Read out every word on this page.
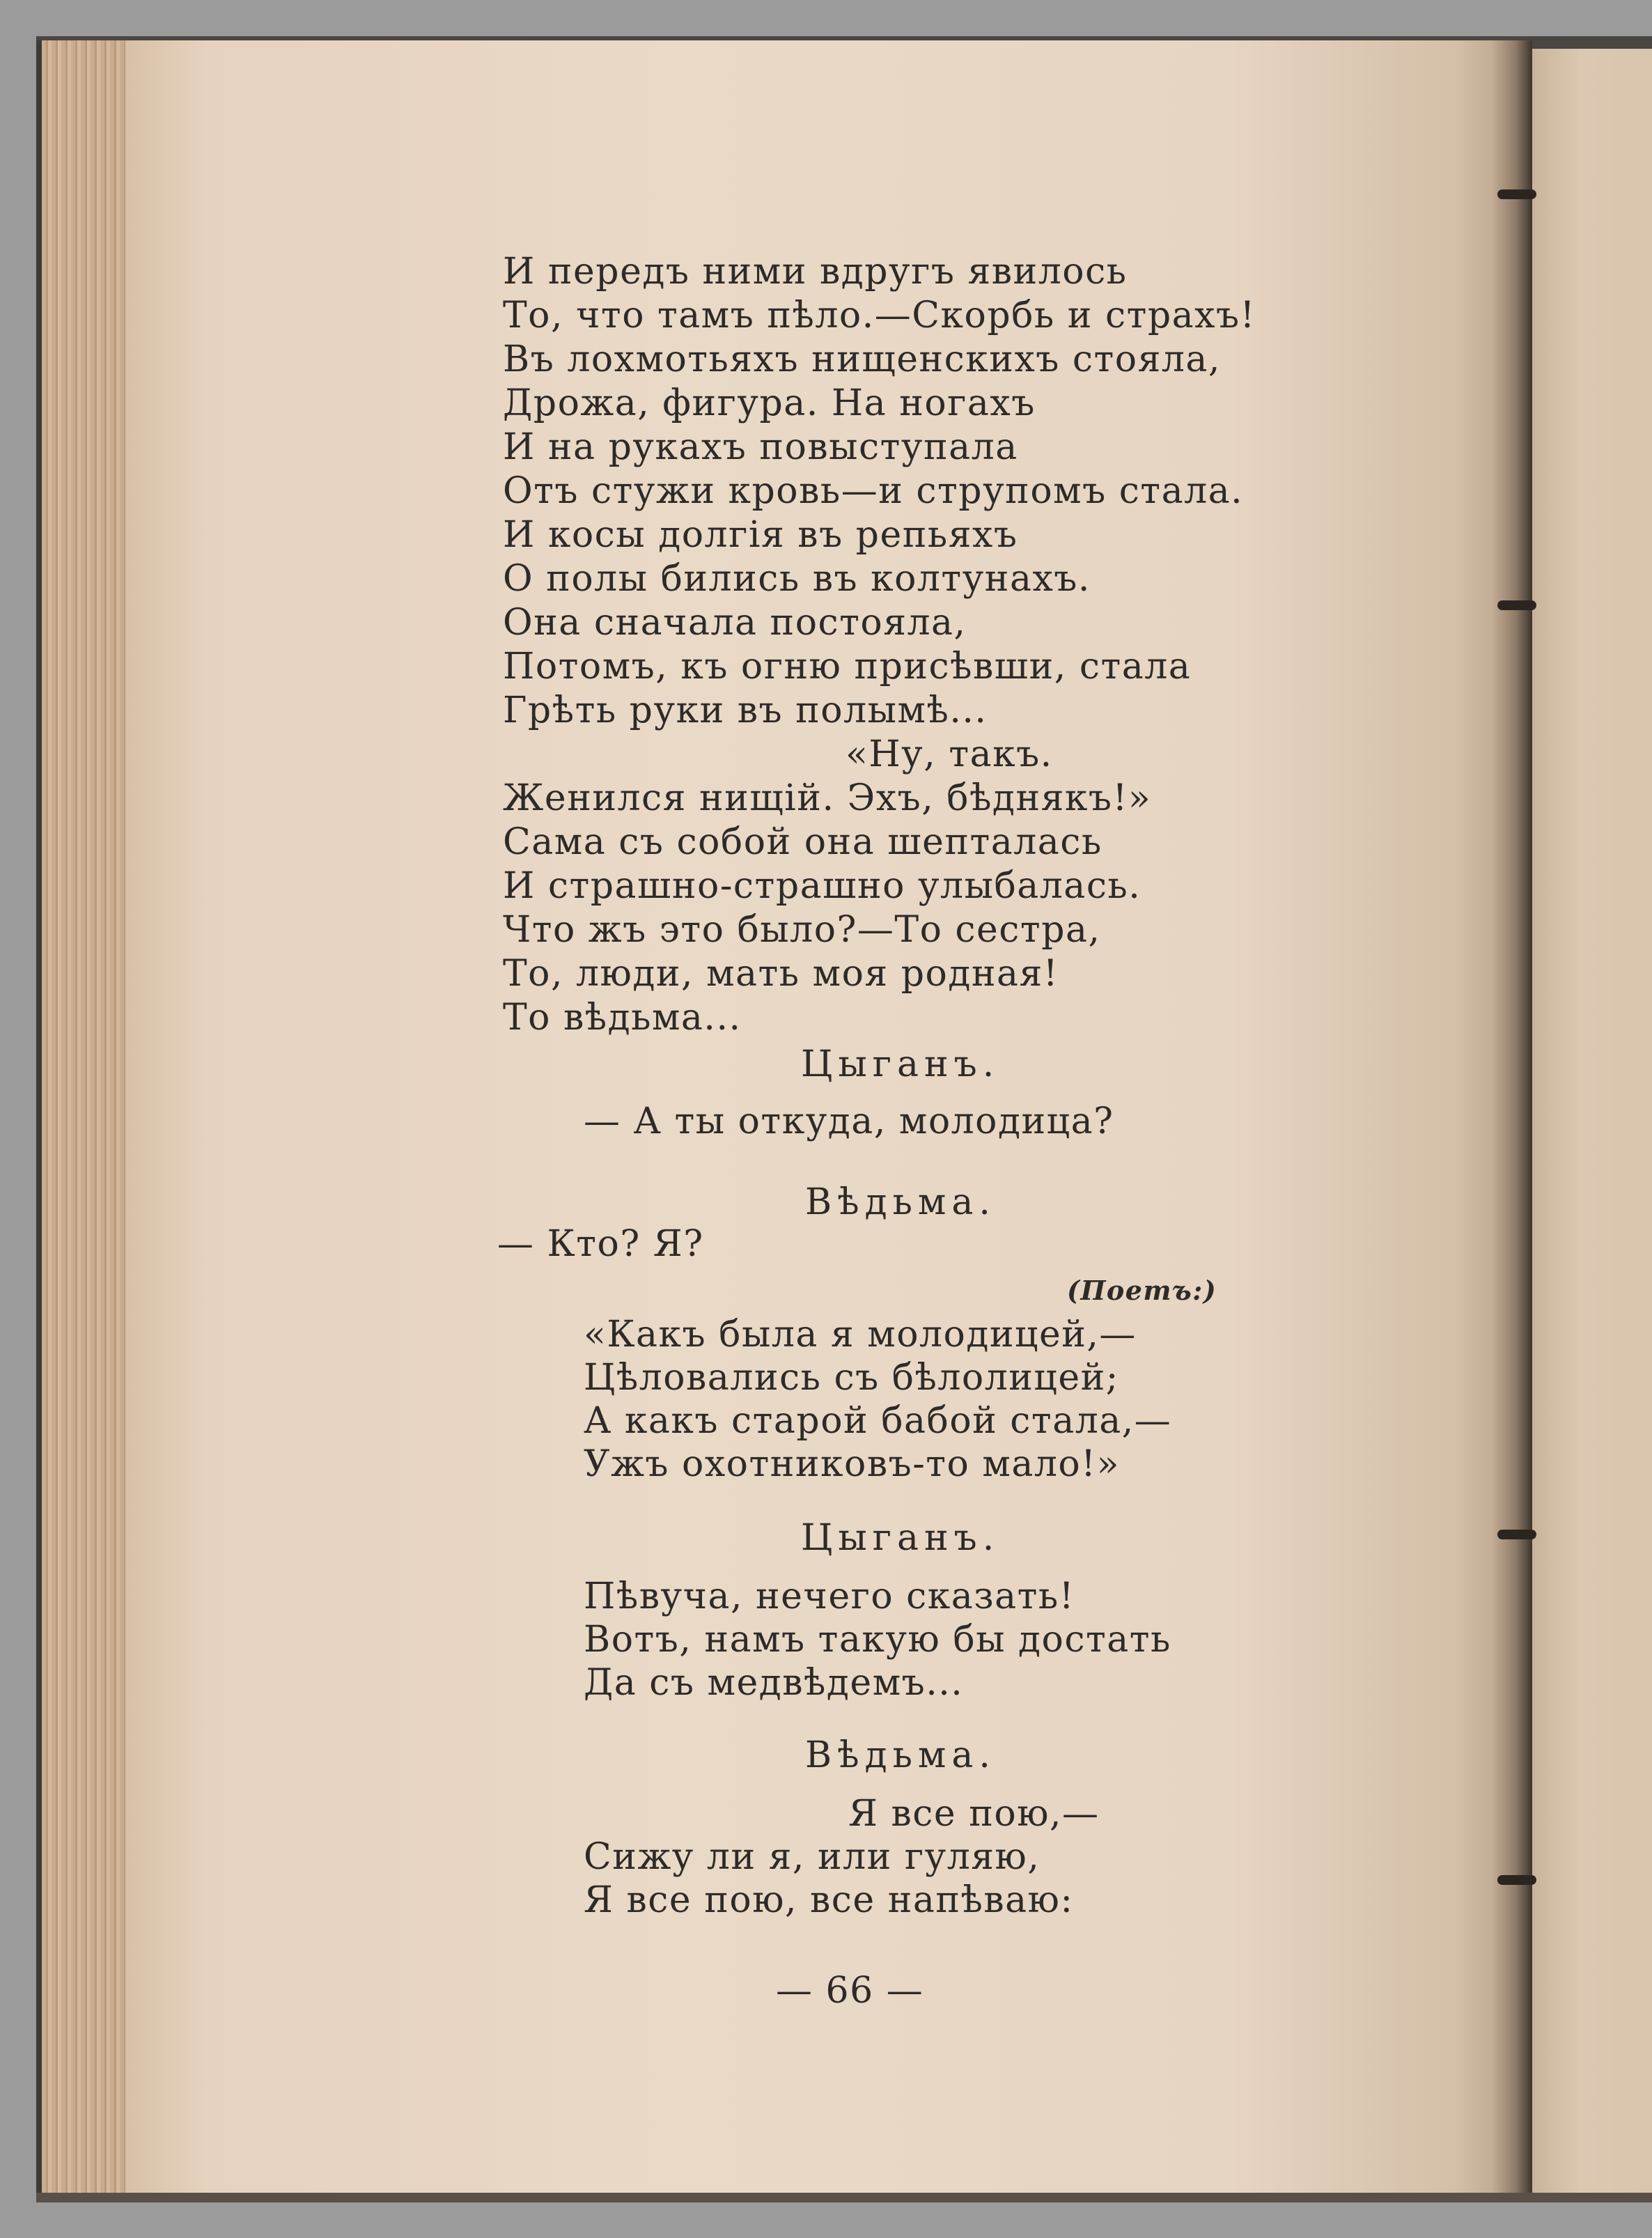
И передъ ними вдругъ явилось
То, что тамъ пѣло.—Скорбь и страхъ!
Въ лохмотьяхъ нищенскихъ стояла,
Дрожа, фигура. На ногахъ
И на рукахъ повыступала
Отъ стужи кровь—и струпомъ стала.
И косы долгія въ репьяхъ
О полы бились въ колтунахъ.
Она сначала постояла,
Потомъ, къ огню присѣвши, стала
Грѣть руки въ полымѣ...
«Ну, такъ.
Женился нищій. Эхъ, бѣднякъ!»
Сама съ собой она шепталась
И страшно-страшно улыбалась.
Что жъ это было?—То сестра,
То, люди, мать моя родная!
То вѣдьма...
Цыганъ.
— А ты откуда, молодица?
Вѣдьма.
— Кто? Я?
(Поетъ:)
«Какъ была я молодицей,—
Цѣловались съ бѣлолицей;
А какъ старой бабой стала,—
Ужъ охотниковъ-то мало!»
Цыганъ.
Пѣвуча, нечего сказать!
Вотъ, намъ такую бы достать
Да съ медвѣдемъ...
Вѣдьма.
Я все пою,—
Сижу ли я, или гуляю,
Я все пою, все напѣваю:
— 66 —
